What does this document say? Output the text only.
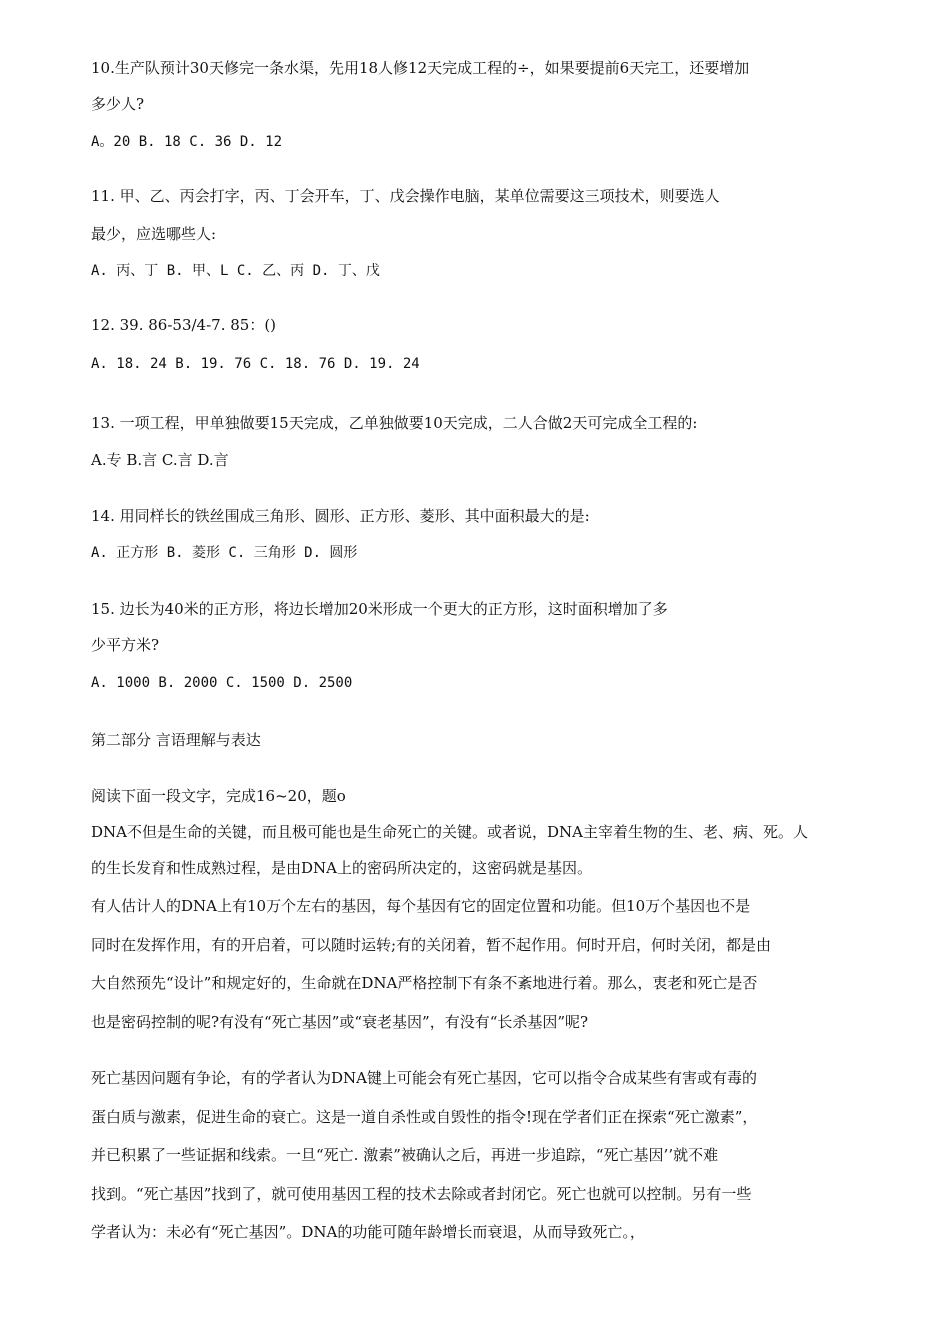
10.生产队预计30天修完一条水渠，先用18人修12天完成工程的÷，如果要提前6天完工，还要增加
多少人?
A。20 B. 18 C. 36 D. 12
11. 甲、乙、丙会打字，丙、丁会开车，丁、戊会操作电脑，某单位需要这三项技术，则要选人
最少，应选哪些人:
A. 丙、丁 B. 甲、L C. 乙、丙 D. 丁、戊
12. 39. 86-53/4-7. 85：()
A. 18. 24 B. 19. 76 C. 18. 76 D. 19. 24
13. 一项工程，甲单独做要15天完成，乙单独做要10天完成，二人合做2天可完成全工程的:
A.专 B.言 C.言 D.言
14. 用同样长的铁丝围成三角形、圆形、正方形、菱形、其中面积最大的是:
A. 正方形 B. 菱形 C. 三角形 D. 圆形
15. 边长为40米的正方形，将边长增加20米形成一个更大的正方形，这时面积增加了多
少平方米?
A. 1000 B. 2000 C. 1500 D. 2500
第二部分 言语理解与表达
阅读下面一段文字，完成16~20，题o
DNA不但是生命的关键，而且极可能也是生命死亡的关键。或者说，DNA主宰着生物的生、老、病、死。人
的生长发育和性成熟过程，是由DNA上的密码所决定的，这密码就是基因。
有人估计人的DNA上有10万个左右的基因，每个基因有它的固定位置和功能。但10万个基因也不是
同时在发挥作用，有的开启着，可以随时运转;有的关闭着，暂不起作用。何时开启，何时关闭，都是由
大自然预先“设计”和规定好的，生命就在DNA严格控制下有条不紊地进行着。那么，衷老和死亡是否
也是密码控制的呢?有没有“死亡基因”或“衰老基因”，有没有“长杀基因”呢?
死亡基因问题有争论，有的学者认为DNA键上可能会有死亡基因，它可以指令合成某些有害或有毒的
蛋白质与激素，促进生命的衰亡。这是一道自杀性或自毁性的指令!现在学者们正在探索“死亡激素”，
并已积累了一些证据和线索。一旦“死亡. 激素”被确认之后，再进一步追踪，“死亡基因’’就不难
找到。“死亡基因”找到了，就可使用基因工程的技术去除或者封闭它。死亡也就可以控制。另有一些
学者认为：未必有“死亡基因”。DNA的功能可随年龄增长而衰退，从而导致死亡。，
